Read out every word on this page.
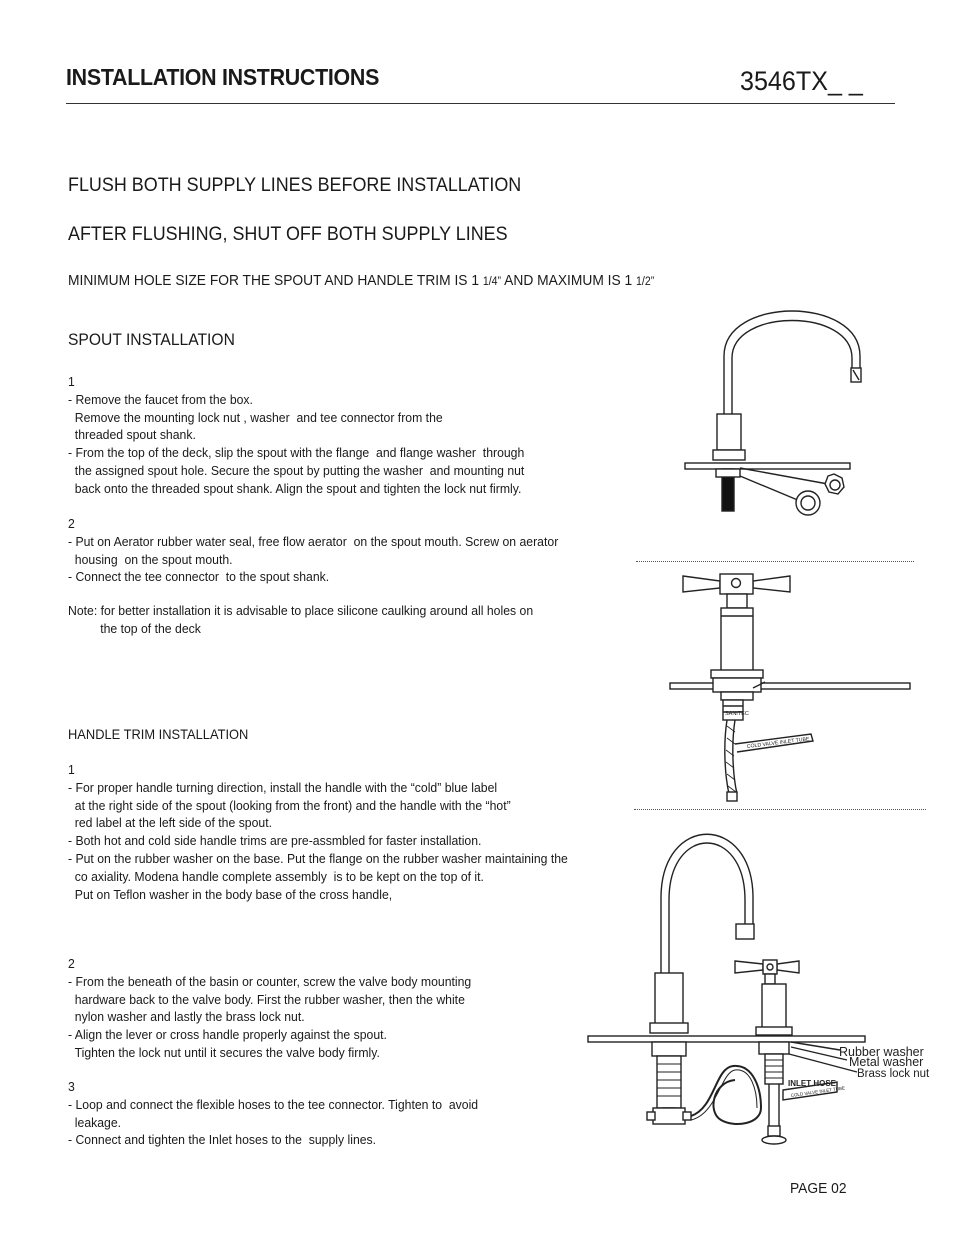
INSTALLATION INSTRUCTIONS	3546TX_ _
FLUSH BOTH SUPPLY LINES BEFORE INSTALLATION
AFTER FLUSHING, SHUT OFF BOTH SUPPLY LINES
MINIMUM HOLE SIZE FOR THE SPOUT AND HANDLE TRIM IS 1 1/4” AND MAXIMUM IS 1 1/2”
SPOUT INSTALLATION
1
- Remove the faucet from the box.
Remove the mounting lock nut , washer  and tee connector from the
threaded spout shank.
- From the top of the deck, slip the spout with the flange  and flange washer  through
the assigned spout hole. Secure the spout by putting the washer  and mounting nut
back onto the threaded spout shank. Align the spout and tighten the lock nut firmly.
2
- Put on Aerator rubber water seal, free flow aerator  on the spout mouth. Screw on aerator
housing  on the spout mouth.
- Connect the tee connector  to the spout shank.
Note: for better installation it is advisable to place silicone caulking around all holes on
the top of the deck
HANDLE TRIM INSTALLATION
1
- For proper handle turning direction, install the handle with the “cold” blue label
at the right side of the spout (looking from the front) and the handle with the “hot”
red label at the left side of the spout.
- Both hot and cold side handle trims are pre-assmbled for faster installation.
- Put on the rubber washer on the base. Put the flange on the rubber washer maintaining the
co axiality. Modena handle complete assembly  is to be kept on the top of it.
Put on Teflon washer in the body base of the cross handle,
2
- From the beneath of the basin or counter, screw the valve body mounting
hardware back to the valve body. First the rubber washer, then the white
nylon washer and lastly the brass lock nut.
- Align the lever or cross handle properly against the spout.
Tighten the lock nut until it secures the valve body firmly.
3
- Loop and connect the flexible hoses to the tee connector. Tighten to  avoid
leakage.
- Connect and tighten the Inlet hoses to the  supply lines.
SANITEC
COLD VALVE INLET TUBE
Rubber washer
Metal washer
Brass lock nut
INLET HOSE
COLD VALVE INLET TUBE
PAGE 02
